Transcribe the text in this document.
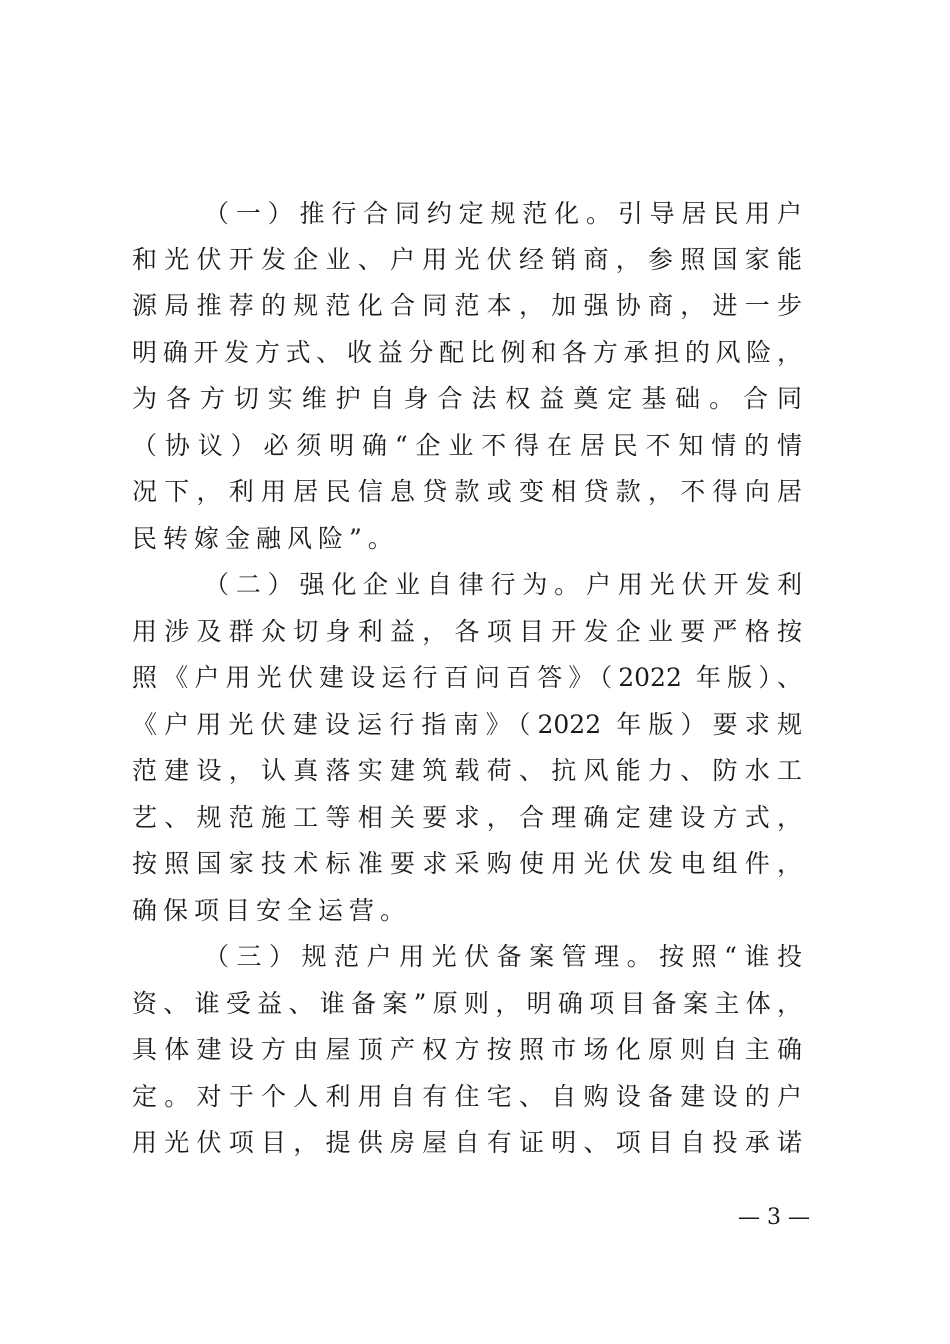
（一）推行合同约定规范化。引导居民用户
和光伏开发企业、户用光伏经销商，参照国家能
源局推荐的规范化合同范本，加强协商，进一步
明确开发方式、收益分配比例和各方承担的风险，
为各方切实维护自身合法权益奠定基础。合同
（协议）必须明确“企业不得在居民不知情的情
况下，利用居民信息贷款或变相贷款，不得向居
民转嫁金融风险”。
（二）强化企业自律行为。户用光伏开发利
用涉及群众切身利益，各项目开发企业要严格按
照《户用光伏建设运行百问百答》（2022 年版）、
《户用光伏建设运行指南》（2022 年版）要求规
范建设，认真落实建筑载荷、抗风能力、防水工
艺、规范施工等相关要求，合理确定建设方式，
按照国家技术标准要求采购使用光伏发电组件，
确保项目安全运营。
（三）规范户用光伏备案管理。按照“谁投
资、谁受益、谁备案”原则，明确项目备案主体，
具体建设方由屋顶产权方按照市场化原则自主确
定。对于个人利用自有住宅、自购设备建设的户
用光伏项目，提供房屋自有证明、项目自投承诺
— 3 —
